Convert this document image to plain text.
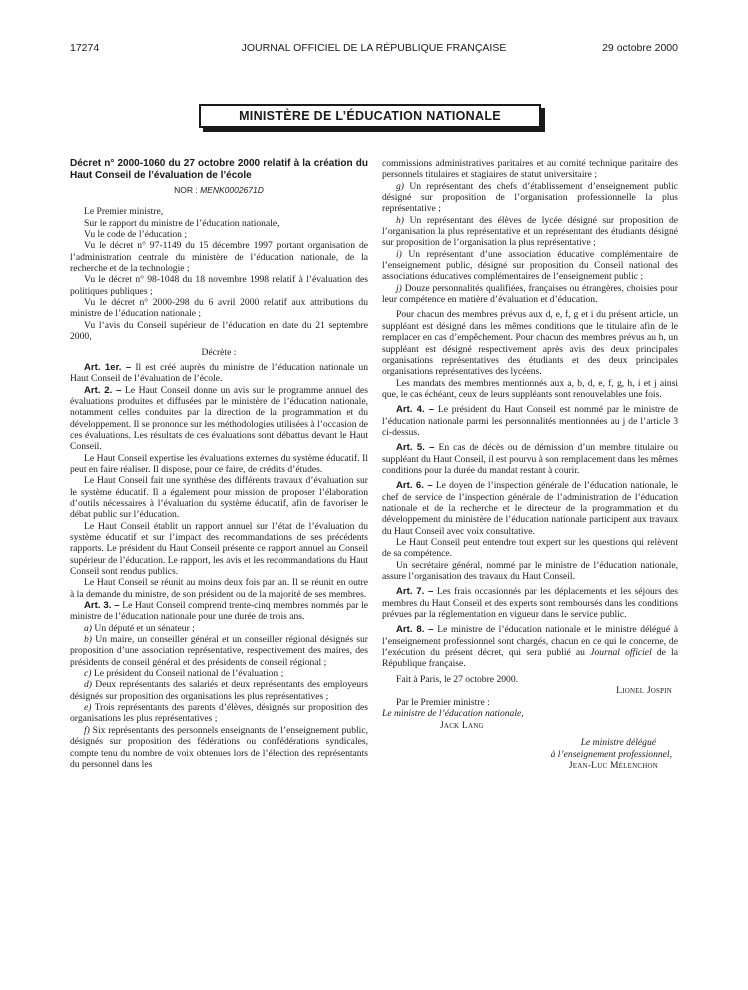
JOURNAL OFFICIEL DE LA RÉPUBLIQUE FRANÇAISE
17274	29 octobre 2000
MINISTÈRE DE L’ÉDUCATION NATIONALE

Décret n° 2000-1060 du 27 octobre 2000 relatif à la création du Haut Conseil de l’évaluation de l’école

NOR : MENK0002671D

Le Premier ministre,

Sur le rapport du ministre de l’éducation nationale,

Vu le code de l’éducation ;

Vu le décret n° 97-1149 du 15 décembre 1997 portant organisation de l’administration centrale du ministère de l’éducation nationale, de la recherche et de la technologie ;

Vu le décret n° 98-1048 du 18 novembre 1998 relatif à l’évaluation des politiques publiques ;

Vu le décret n° 2000-298 du 6 avril 2000 relatif aux attributions du ministre de l’éducation nationale ;

Vu l’avis du Conseil supérieur de l’éducation en date du 21 septembre 2000,

Décrète :

Art. 1er. – Il est créé auprès du ministre de l’éducation nationale un Haut Conseil de l’évaluation de l’école.

Art. 2. – Le Haut Conseil donne un avis sur le programme annuel des évaluations produites et diffusées par le ministère de l’éducation nationale, notamment celles conduites par la direction de la programmation et du développement. Il se prononce sur les méthodologies utilisées à l’occasion de ces évaluations. Les résultats de ces évaluations sont débattus devant le Haut Conseil.

Le Haut Conseil expertise les évaluations externes du système éducatif. Il peut en faire réaliser. Il dispose, pour ce faire, de crédits d’études.

Le Haut Conseil fait une synthèse des différents travaux d’évaluation sur le système éducatif. Il a également pour mission de proposer l’élaboration d’outils nécessaires à l’évaluation du système éducatif, afin de favoriser le débat public sur l’éducation.

Le Haut Conseil établit un rapport annuel sur l’état de l’évaluation du système éducatif et sur l’impact des recommandations de ses précédents rapports. Le président du Haut Conseil présente ce rapport annuel au Conseil supérieur de l’éducation. Le rapport, les avis et les recommandations du Haut Conseil sont rendus publics.

Le Haut Conseil se réunit au moins deux fois par an. Il se réunit en outre à la demande du ministre, de son président ou de la majorité de ses membres.

Art. 3. – Le Haut Conseil comprend trente-cinq membres nommés par le ministre de l’éducation nationale pour une durée de trois ans.

a) Un député et un sénateur ;

b) Un maire, un conseiller général et un conseiller régional désignés sur proposition d’une association représentative, respectivement des maires, des présidents de conseil général et des présidents de conseil régional ;

c) Le président du Conseil national de l’évaluation ;

d) Deux représentants des salariés et deux représentants des employeurs désignés sur proposition des organisations les plus représentatives ;

e) Trois représentants des parents d’élèves, désignés sur proposition des organisations les plus représentatives ;

f) Six représentants des personnels enseignants de l’enseignement public, désignés sur proposition des fédérations ou confédérations syndicales, compte tenu du nombre de voix obtenues lors de l’élection des représentants du personnel dans les

commissions administratives paritaires et au comité technique paritaire des personnels titulaires et stagiaires de statut universitaire ;

g) Un représentant des chefs d’établissement d’enseignement public désigné sur proposition de l’organisation professionnelle la plus représentative ;

h) Un représentant des élèves de lycée désigné sur proposition de l’organisation la plus représentative et un représentant des étudiants désigné sur proposition de l’organisation la plus représentative ;

i) Un représentant d’une association éducative complémentaire de l’enseignement public, désigné sur proposition du Conseil national des associations éducatives complémentaires de l’enseignement public ;

j) Douze personnalités qualifiées, françaises ou étrangères, choisies pour leur compétence en matière d’évaluation et d’éducation.

Pour chacun des membres prévus aux d, e, f, g et i du présent article, un suppléant est désigné dans les mêmes conditions que le titulaire afin de le remplacer en cas d’empêchement. Pour chacun des membres prévus au h, un suppléant est désigné respectivement après avis des deux principales organisations représentatives des étudiants et des deux principales organisations représentatives des lycéens.

Les mandats des membres mentionnés aux a, b, d, e, f, g, h, i et j ainsi que, le cas échéant, ceux de leurs suppléants sont renouvelables une fois.

Art. 4. – Le président du Haut Conseil est nommé par le ministre de l’éducation nationale parmi les personnalités mentionnées au j de l’article 3 ci-dessus.

Art. 5. – En cas de décès ou de démission d’un membre titulaire ou suppléant du Haut Conseil, il est pourvu à son remplacement dans les mêmes conditions pour la durée du mandat restant à courir.

Art. 6. – Le doyen de l’inspection générale de l’éducation nationale, le chef de service de l’inspection générale de l’administration de l’éducation nationale et de la recherche et le directeur de la programmation et du développement du ministère de l’éducation nationale participent aux travaux du Haut Conseil avec voix consultative.

Le Haut Conseil peut entendre tout expert sur les questions qui relèvent de sa compétence.

Un secrétaire général, nommé par le ministre de l’éducation nationale, assure l’organisation des travaux du Haut Conseil.

Art. 7. – Les frais occasionnés par les déplacements et les séjours des membres du Haut Conseil et des experts sont remboursés dans les conditions prévues par la réglementation en vigueur dans le service public.

Art. 8. – Le ministre de l’éducation nationale et le ministre délégué à l’enseignement professionnel sont chargés, chacun en ce qui le concerne, de l’exécution du présent décret, qui sera publié au Journal officiel de la République française.

Fait à Paris, le 27 octobre 2000.

Lionel Jospin
Par le Premier ministre :
Le ministre de l’éducation nationale,
Jack Lang
Le ministre délégué
à l’enseignement professionnel,
Jean-Luc Mélenchon
